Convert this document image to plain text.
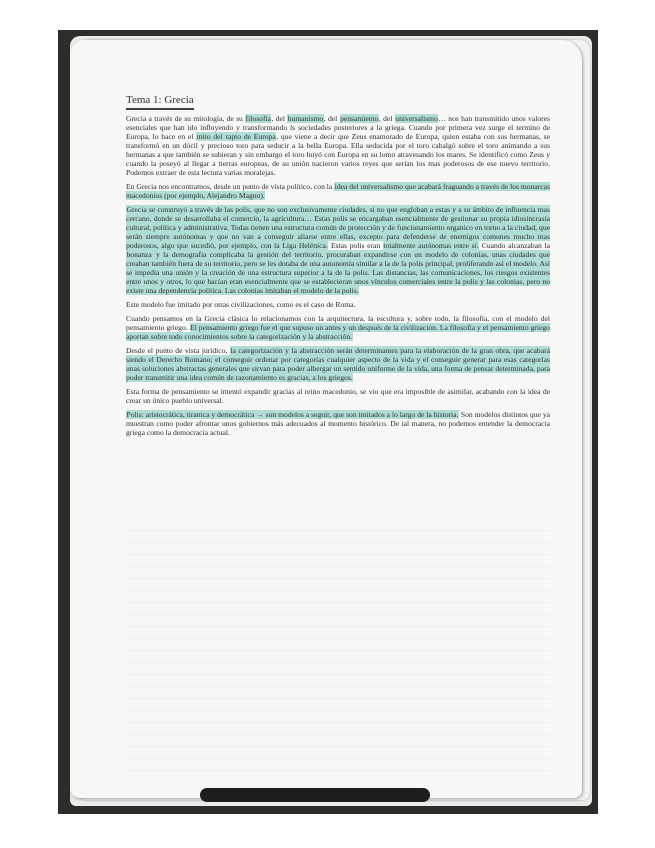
Tema 1: Grecia

Grecia a través de su mitología, de su filosofía, del humanismo, del pensamiento, del universalismo… nos han transmitido unos valores esenciales que han ido influyendo y transformando ls sociedades posteriores a la griega. Cuando por primera vez surge el termino de Europa, lo hace en el mito del rapto de Europa, que viene a decir que Zeus enamorado de Europa, quien estaba con sus hermanas, se transformó en un dócil y precioso toro para seducir a la bella Europa. Ella seducida por el toro cabalgó sobre el toro animando a sus hermanas a que también se subieran y sin embargo el toro huyó con Europa en su lomo atravesando los mares. Se identificó como Zeus y cuando la poseyó al llegar a tierras europeas, de su unión nacieron varios reyes que serían los mas poderosos de ese nuevo territorio. Podemos extraer de esta lectura varias moralejas.

En Grecia nos encontramos, desde un punto de vista político, con la idea del universalismo que acabará fraguando a través de los monarcas macedonios (por ejemplo, Alejandro Magno).

Grecia se construyó a través de las polis, que no son exclusivamente ciudades, si no que engloban a estas y a su ámbito de influencia mas cercano, donde se desarrollaba el comercio, la agricultura… Estas polis se encargaban esencialmente de gestionar su propia idiosincrasia cultural, política y administrativa. Todas tienen una estructura común de protección y de funcionamiento organico en torno a la ciudad, que serán siempre autónomas y que no van a conseguir aliarse entre ellas, excepto para defenderse de enemigos comunes mucho mas poderosos, algo que sucedió, por ejemplo, con la Liga Helénica. Estas polis eran totalmente autónomas entre sí. Cuando alcanzaban la bonanza y la demografía complicaba la gestión del territorio, procuraban expandirse con un modelo de colonias, unas ciudades que creaban también fuera de su territorio, pero se les dotaba de una autonomía similar a la de la polis principal, proliferando así el modelo. Así se impedía una unión y la creación de una estructura superior a la de la polis. Las distancias, las comunicaciones, los riesgos existentes entre unos y otros, lo que hacían eran esencialmente que se establecieran unos vínculos comerciales entre la polis y las colonias, pero no existe una dependencia política. Las colonias imitaban el modelo de la polis.

Este modelo fue imitado por otras civilizaciones, como es el caso de Roma.

Cuando pensamos en la Grecia clásica lo relacionamos con la arquitectura, la escultura y, sobre todo, la filosofía, con el modelo del pensamiento griego. El pensamiento griego fue el que supuso un antes y un después de la civilización. La filosofía y el pensamiento griego aportan sobre todo conocimientos sobre la categorización y la abstracción.

Desde el punto de vista jurídico, la categorización y la abstracción serán determinantes para la elaboración de la gran obra, que acabará siendo el Derecho Romano; el conseguir ordenar por categorías cualquier aspecto de la vida y el conseguir generar para esas categorías unas soluciones abstractas generales que sirvan para poder albergar un sentido uniforme de la vida, una forma de pensar determinada, para poder transmitir una idea común de razonamiento es gracias, a los griegos.

Esta forma de pensamiento se intentó expandir gracias al reino macedonio, se vio que era imposible de asimilar, acabando con la idea de crear un único pueblo universal.

Polis: aristocrática, tiranica y democrática → son modelos a seguir, que son imitados a lo largo de la historia. Son modelos distintos que ya muestran como poder afrontar unos gobiernos más adecuados al momento histórico. De tal manera, no podemos entender la democracia griega como la democracia actual.
